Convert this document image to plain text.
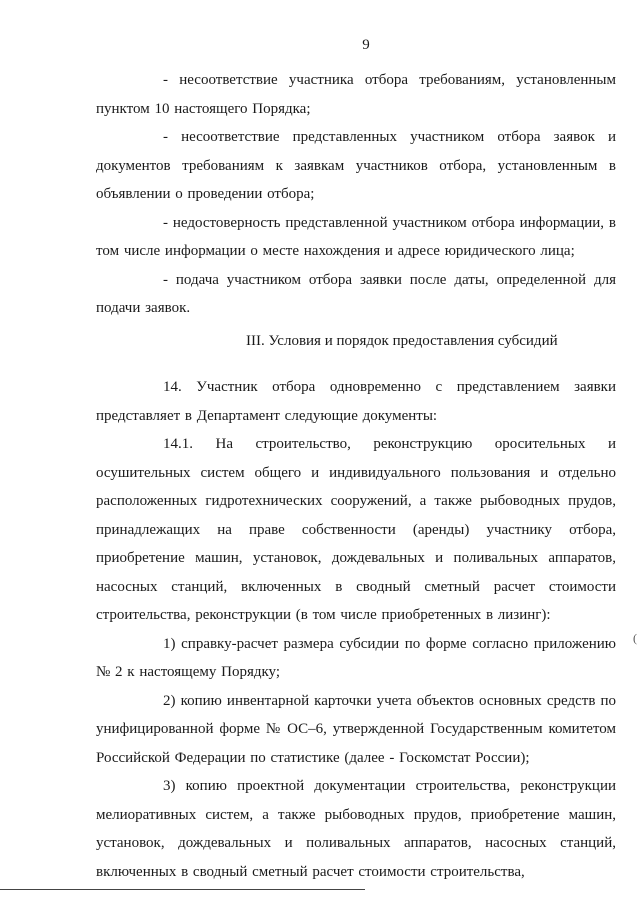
9

- несоответствие участника отбора требованиям, установленным пунктом 10 настоящего Порядка;

- несоответствие представленных участником отбора заявок и документов требованиям к заявкам участников отбора, установленным в объявлении о проведении отбора;

- недостоверность представленной участником отбора информации, в том числе информации о месте нахождения и адресе юридического лица;

- подача участником отбора заявки после даты, определенной для подачи заявок.

III. Условия и порядок предоставления субсидий

14. Участник отбора одновременно с представлением заявки представляет в Департамент следующие документы:

14.1. На строительство, реконструкцию оросительных и осушительных систем общего и индивидуального пользования и отдельно расположенных гидротехнических сооружений, а также рыбоводных прудов, принадлежащих на праве собственности (аренды) участнику отбора, приобретение машин, установок, дождевальных и поливальных аппаратов, насосных станций, включенных в сводный сметный расчет стоимости строительства, реконструкции (в том числе приобретенных в лизинг):

1) справку-расчет размера субсидии по форме согласно приложению № 2 к настоящему Порядку;

2) копию инвентарной карточки учета объектов основных средств по унифицированной форме № ОС–6, утвержденной Государственным комитетом Российской Федерации по статистике (далее - Госкомстат России);

3) копию проектной документации строительства, реконструкции мелиоративных систем, а также рыбоводных прудов, приобретение машин, установок, дождевальных и поливальных аппаратов, насосных станций, включенных в сводный сметный расчет стоимости строительства,

(
